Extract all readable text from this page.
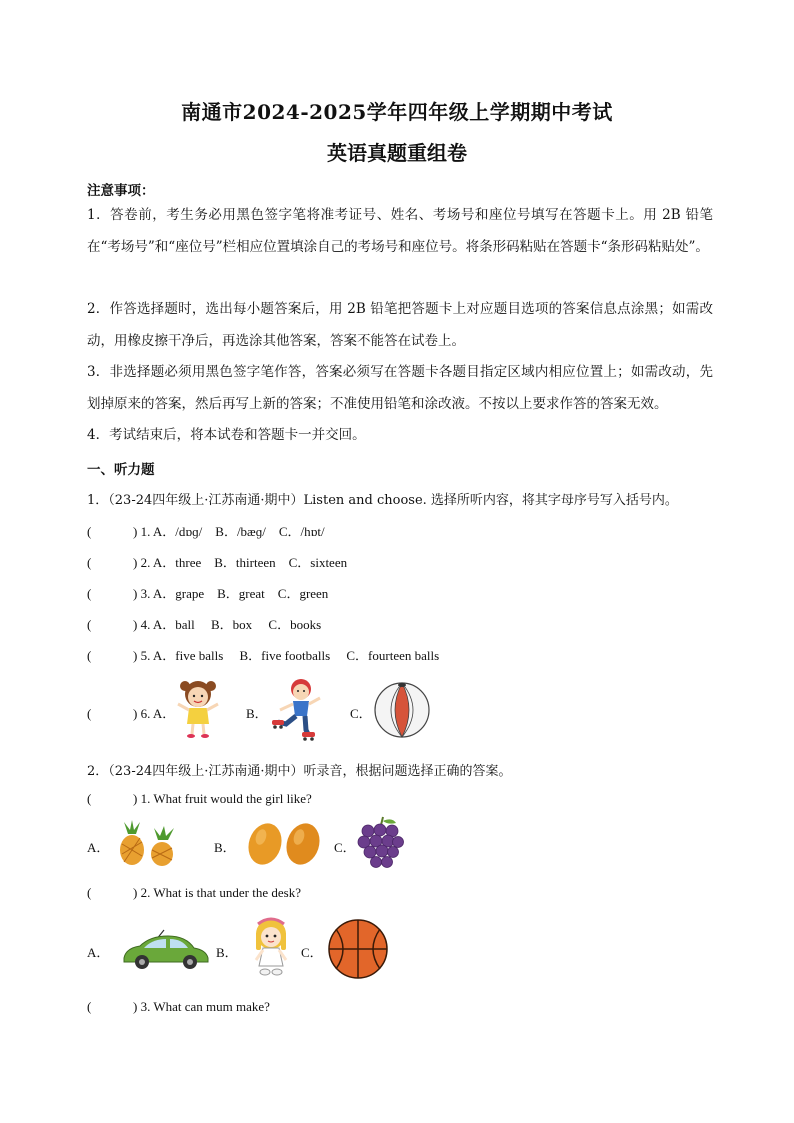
南通市2024-2025学年四年级上学期期中考试
英语真题重组卷
注意事项：
1．答卷前，考生务必用黑色签字笔将准考证号、姓名、考场号和座位号填写在答题卡上。用 2B 铅笔在“考场号”和“座位号”栏相应位置填涂自己的考场号和座位号。将条形码粘贴在答题卡“条形码粘贴处”。
2．作答选择题时，选出每小题答案后，用 2B 铅笔把答题卡上对应题目选项的答案信息点涂黑；如需改动，用橡皮擦干净后，再选涂其他答案，答案不能答在试卷上。
3．非选择题必须用黑色签字笔作答，答案必须写在答题卡各题目指定区域内相应位置上；如需改动，先划掉原来的答案，然后再写上新的答案；不准使用铅笔和涂改液。不按以上要求作答的答案无效。
4．考试结束后，将本试卷和答题卡一并交回。
一、听力题
1．（23-24四年级上·江苏南通·期中）Listen and choose. 选择所听内容，将其字母序号写入括号内。
(	) 1. A．/dɒɡ/　B．/bæɡ/　C．/hɒt/
(	) 2. A．three　B．thirteen　C．sixteen
(	) 3. A．grape　B．great　C．green
(	) 4. A．ball　 B．box　 C．books
(	) 5. A．five balls　 B．five footballs　 C．fourteen balls
(	) 6. A．	B．	C．
2．（23-24四年级上·江苏南通·期中）听录音，根据问题选择正确的答案。
(	) 1. What fruit would the girl like?
A．	B．	C．
(	) 2. What is that under the desk?
A．	B．	C．
(	) 3. What can mum make?
